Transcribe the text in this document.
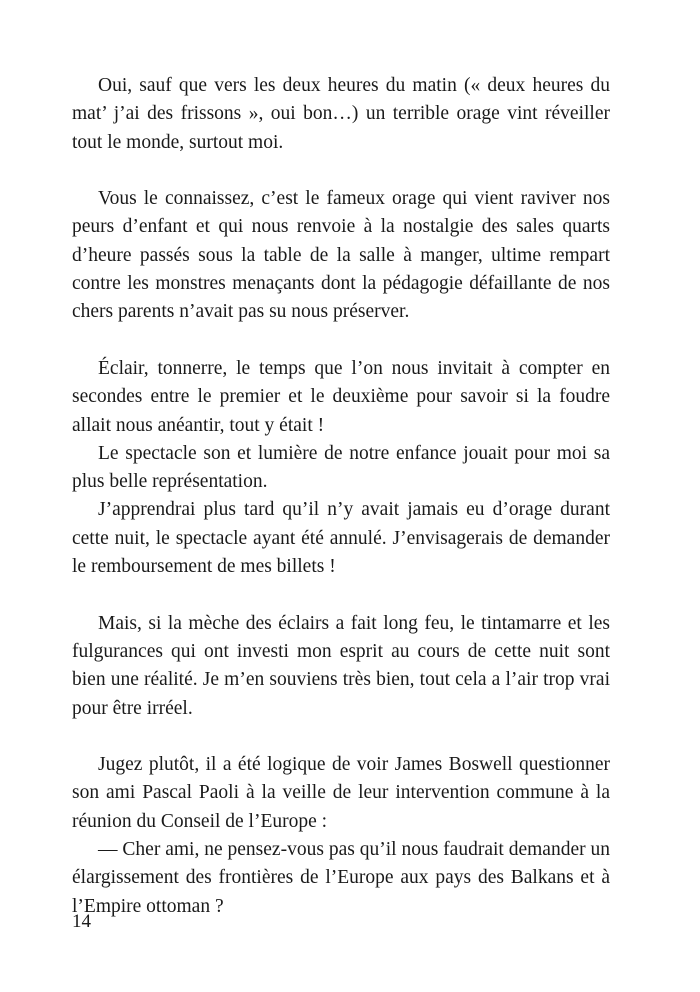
Oui, sauf que vers les deux heures du matin (« deux heures du mat’ j’ai des frissons », oui bon…) un terrible orage vint réveiller tout le monde, surtout moi.

Vous le connaissez, c’est le fameux orage qui vient raviver nos peurs d’enfant et qui nous renvoie à la nostalgie des sales quarts d’heure passés sous la table de la salle à manger, ultime rempart contre les monstres menaçants dont la pédagogie défaillante de nos chers parents n’avait pas su nous préserver.

Éclair, tonnerre, le temps que l’on nous invitait à compter en secondes entre le premier et le deuxième pour savoir si la foudre allait nous anéantir, tout y était !

Le spectacle son et lumière de notre enfance jouait pour moi sa plus belle représentation.

J’apprendrai plus tard qu’il n’y avait jamais eu d’orage durant cette nuit, le spectacle ayant été annulé. J’envisagerais de demander le remboursement de mes billets !

Mais, si la mèche des éclairs a fait long feu, le tintamarre et les fulgurances qui ont investi mon esprit au cours de cette nuit sont bien une réalité. Je m’en souviens très bien, tout cela a l’air trop vrai pour être irréel.

Jugez plutôt, il a été logique de voir James Boswell questionner son ami Pascal Paoli à la veille de leur intervention commune à la réunion du Conseil de l’Europe :

— Cher ami, ne pensez-vous pas qu’il nous faudrait demander un élargissement des frontières de l’Europe aux pays des Balkans et à l’Empire ottoman ?

14
